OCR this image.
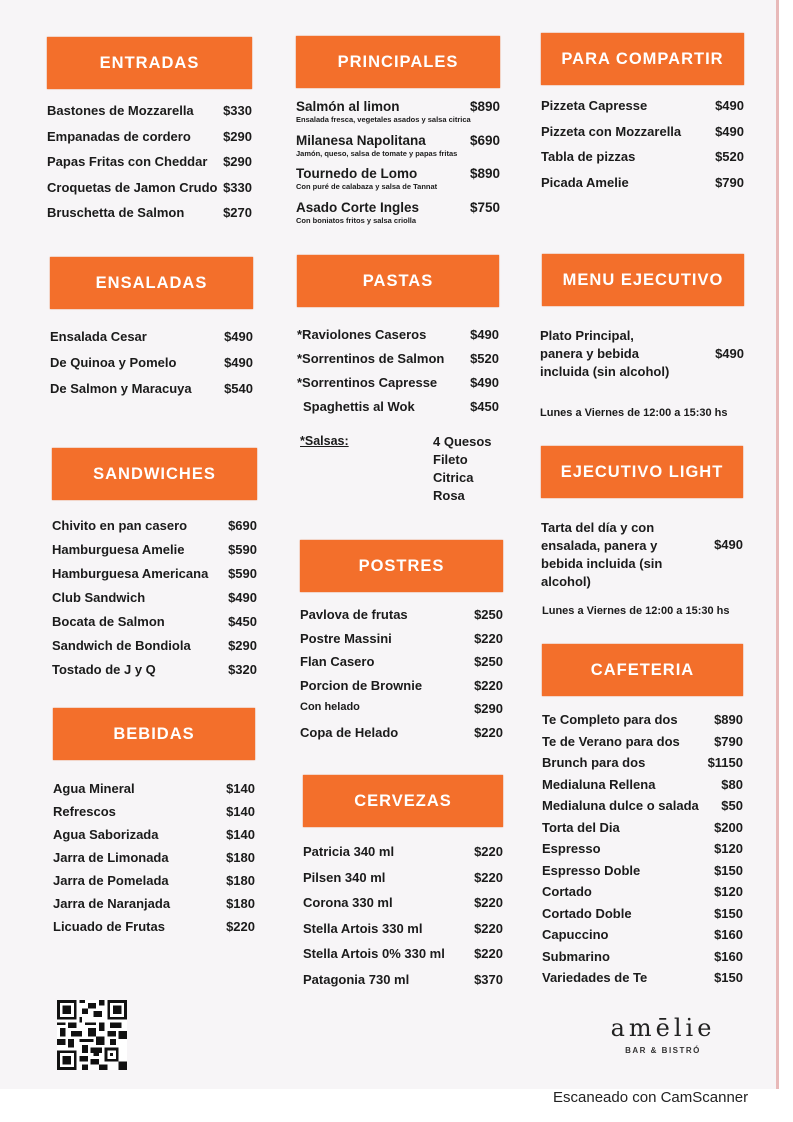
ENTRADAS
Bastones de Mozzarella $330
Empanadas de cordero $290
Papas Fritas con Cheddar $290
Croquetas de Jamon Crudo $330
Bruschetta de Salmon	$270
PRINCIPALES
Salmón al limon	$890
Ensalada fresca, vegetales asados y salsa citrica
Milanesa Napolitana	$690
Jamón, queso, salsa de tomate y papas fritas
Tournedo de Lomo	$890
Con puré de calabaza y salsa de Tannat
Asado Corte Ingles	$750
Con boniatos fritos y salsa criolla
PARA COMPARTIR
Pizzeta Capresse	$490
Pizzeta con Mozzarella	$490
Tabla de pizzas	$520
Picada Amelie	$790
ENSALADAS
Ensalada Cesar	$490
De Quinoa y Pomelo	$490
De Salmon y Maracuya $540
PASTAS
*Raviolones Caseros	$490
*Sorrentinos de Salmon $520
*Sorrentinos Capresse	$490
Spaghettis al Wok	$450
*Salsas:	4 Quesos
Fileto
Citrica
Rosa
MENU EJECUTIVO
Plato Principal,
panera y bebida
incluida (sin alcohol)
$490
Lunes a Viernes de 12:00 a 15:30 hs
EJECUTIVO LIGHT
Tarta del día y con
ensalada, panera y
bebida incluida (sin
alcohol)
$490
Lunes a Viernes de 12:00 a 15:30 hs
SANDWICHES
Chivito en pan casero	$690
Hamburguesa Amelie	$590
Hamburguesa Americana $590
Club Sandwich	$490
Bocata de Salmon	$450
Sandwich de Bondiola	$290
Tostado de J y Q	$320
POSTRES
Pavlova de frutas	$250
Postre Massini	$220
Flan Casero	$250
Porcion de Brownie	$220
Con helado	$290
Copa de Helado	$220
CAFETERIA
Te Completo para dos	$890
Te de Verano para dos	$790
Brunch para dos	$1150
Medialuna Rellena	$80
Medialuna dulce o salada $50
Torta del Dia	$200
Espresso	$120
Espresso Doble	$150
Cortado	$120
Cortado Doble	$150
Capuccino	$160
Submarino	$160
Variedades de Te	$150
BEBIDAS
Agua Mineral	$140
Refrescos	$140
Agua Saborizada	$140
Jarra de Limonada	$180
Jarra de Pomelada	$180
Jarra de Naranjada	$180
Licuado de Frutas	$220
CERVEZAS
Patricia 340 ml	$220
Pilsen 340 ml	$220
Corona 330 ml	$220
Stella Artois 330 ml	$220
Stella Artois 0% 330 ml $220
Patagonia 730 ml	$370
amēlie
BAR & BISTRÓ
Escaneado con CamScanner
